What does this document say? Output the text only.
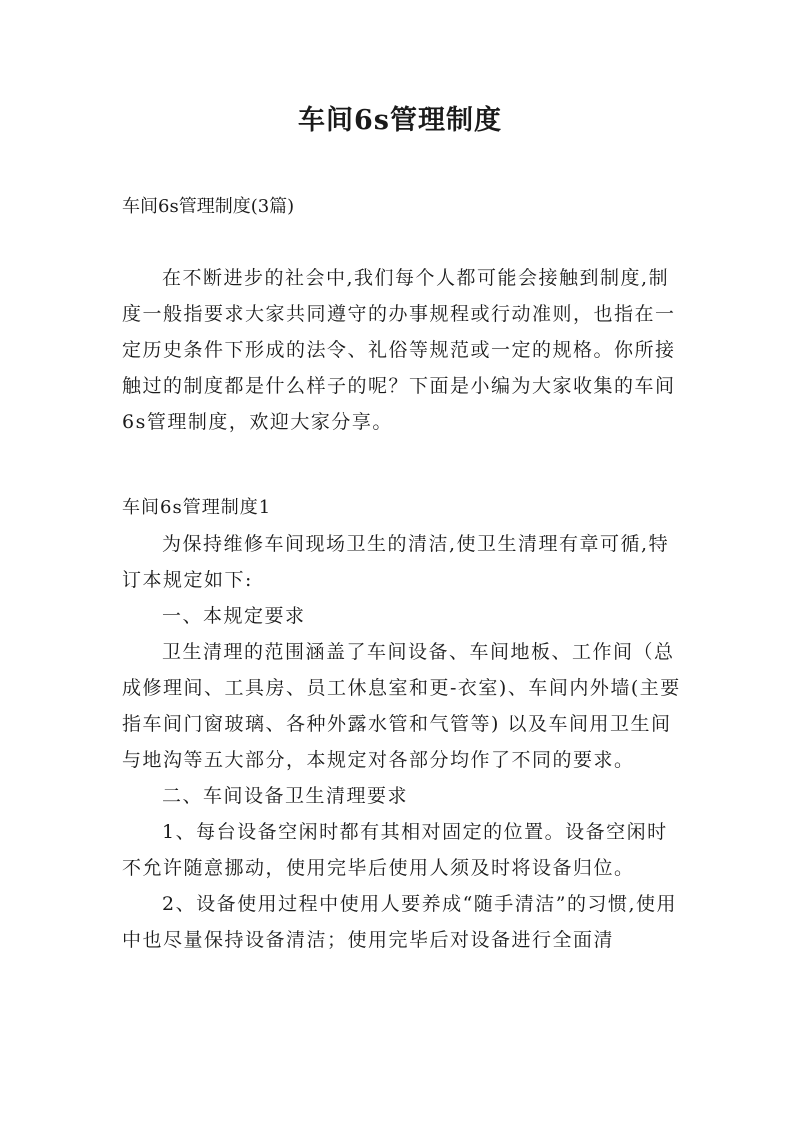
车间6s管理制度
车间6s管理制度(3篇)

在不断进步的社会中,我们每个人都可能会接触到制度,制度一般指要求大家共同遵守的办事规程或行动准则，也指在一定历史条件下形成的法令、礼俗等规范或一定的规格。你所接触过的制度都是什么样子的呢？下面是小编为大家收集的车间6s管理制度，欢迎大家分享。

车间6s管理制度1

为保持维修车间现场卫生的清洁,使卫生清理有章可循,特订本规定如下:

一、本规定要求

卫生清理的范围涵盖了车间设备、车间地板、工作间（总成修理间、工具房、员工休息室和更-衣室)、车间内外墙(主要指车间门窗玻璃、各种外露水管和气管等) 以及车间用卫生间与地沟等五大部分，本规定对各部分均作了不同的要求。

二、车间设备卫生清理要求

1、每台设备空闲时都有其相对固定的位置。设备空闲时不允许随意挪动，使用完毕后使用人须及时将设备归位。

2、设备使用过程中使用人要养成“随手清洁”的习惯,使用中也尽量保持设备清洁；使用完毕后对设备进行全面清
